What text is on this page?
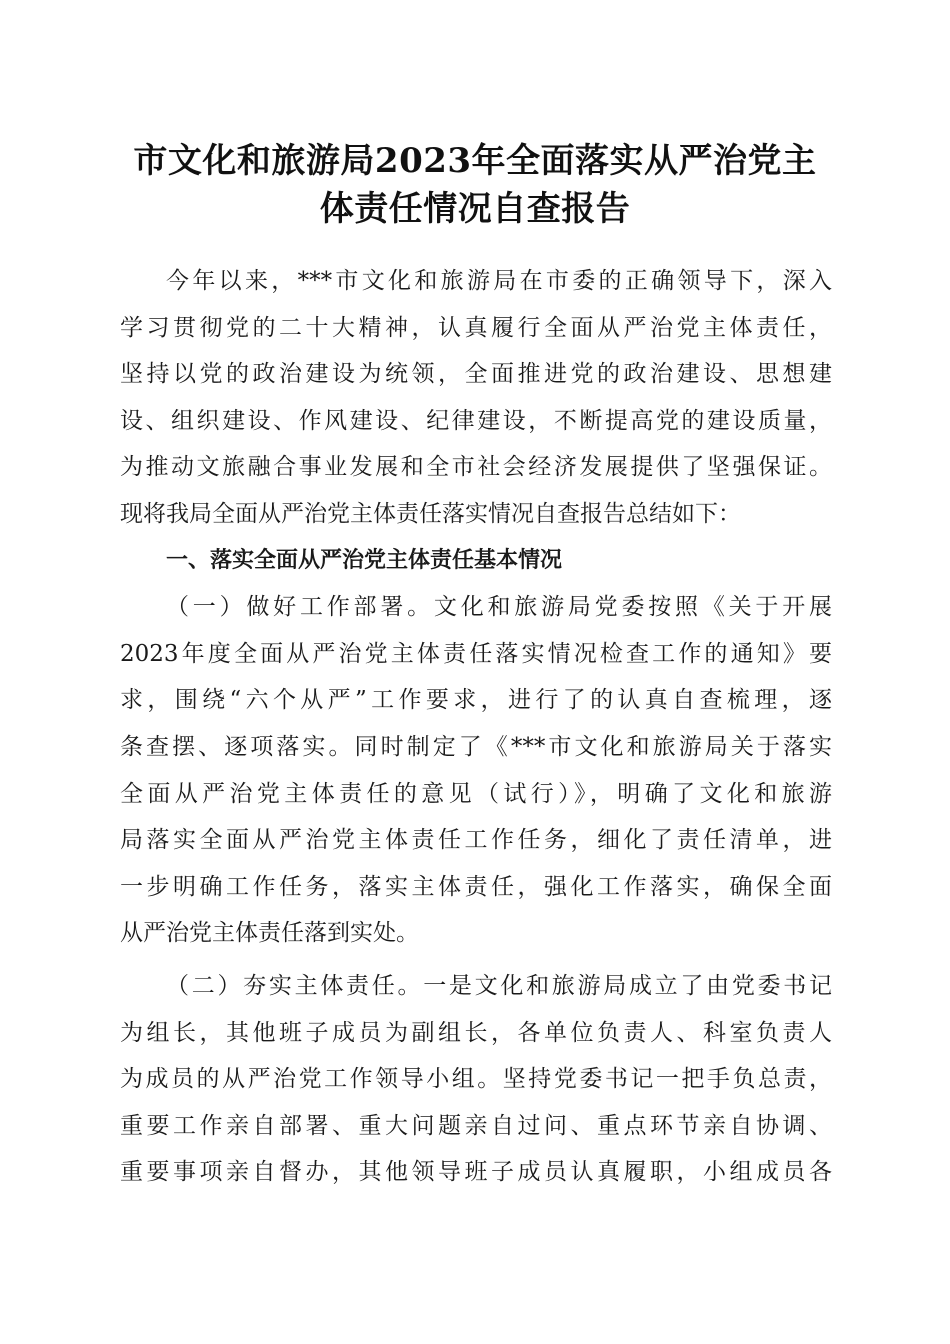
市文化和旅游局2023年全面落实从严治党主
体责任情况自查报告
今年以来，***市文化和旅游局在市委的正确领导下，深入
学习贯彻党的二十大精神，认真履行全面从严治党主体责任，
坚持以党的政治建设为统领，全面推进党的政治建设、思想建
设、组织建设、作风建设、纪律建设，不断提高党的建设质量，
为推动文旅融合事业发展和全市社会经济发展提供了坚强保证。
现将我局全面从严治党主体责任落实情况自查报告总结如下：
一、落实全面从严治党主体责任基本情况
（一）做好工作部署。文化和旅游局党委按照《关于开展
2023年度全面从严治党主体责任落实情况检查工作的通知》要
求，围绕“六个从严”工作要求，进行了的认真自查梳理，逐
条查摆、逐项落实。同时制定了《***市文化和旅游局关于落实
全面从严治党主体责任的意见（试行）》，明确了文化和旅游
局落实全面从严治党主体责任工作任务，细化了责任清单，进
一步明确工作任务，落实主体责任，强化工作落实，确保全面
从严治党主体责任落到实处。
（二）夯实主体责任。一是文化和旅游局成立了由党委书记
为组长，其他班子成员为副组长，各单位负责人、科室负责人
为成员的从严治党工作领导小组。坚持党委书记一把手负总责，
重要工作亲自部署、重大问题亲自过问、重点环节亲自协调、
重要事项亲自督办，其他领导班子成员认真履职，小组成员各
